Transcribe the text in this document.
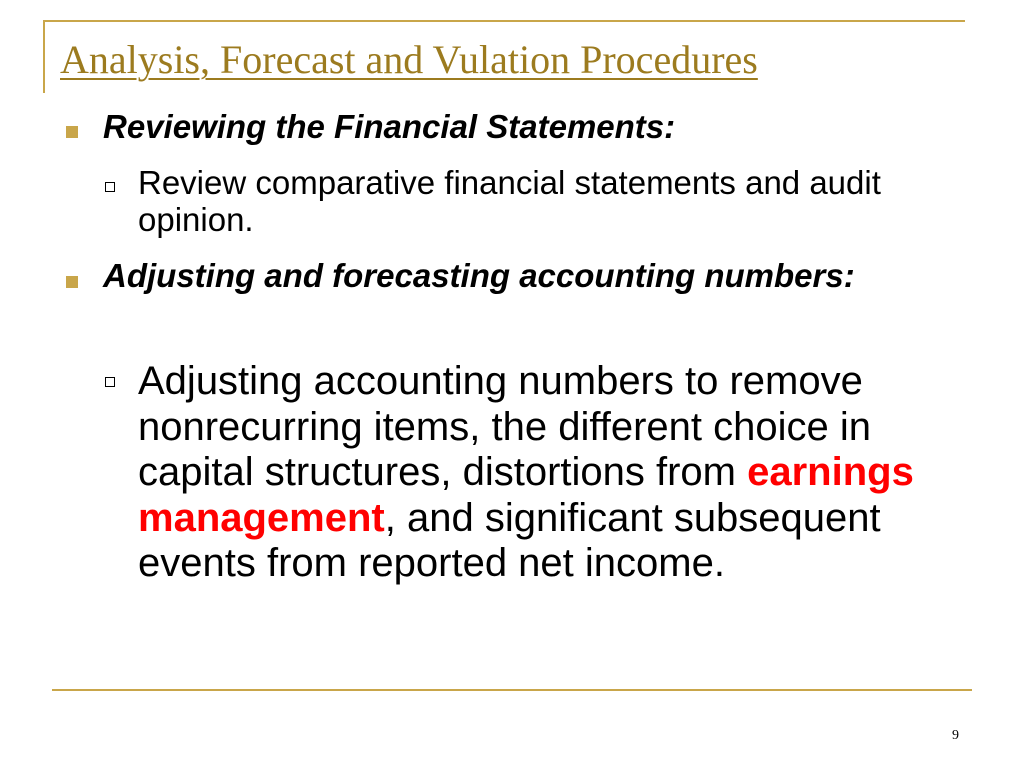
Analysis, Forecast and Vulation Procedures
Reviewing the Financial Statements:
Review comparative financial statements and audit opinion.
Adjusting and forecasting accounting numbers:
Adjusting accounting numbers to remove nonrecurring items, the different choice in capital structures, distortions from earnings management, and significant subsequent events from reported net income.
9
